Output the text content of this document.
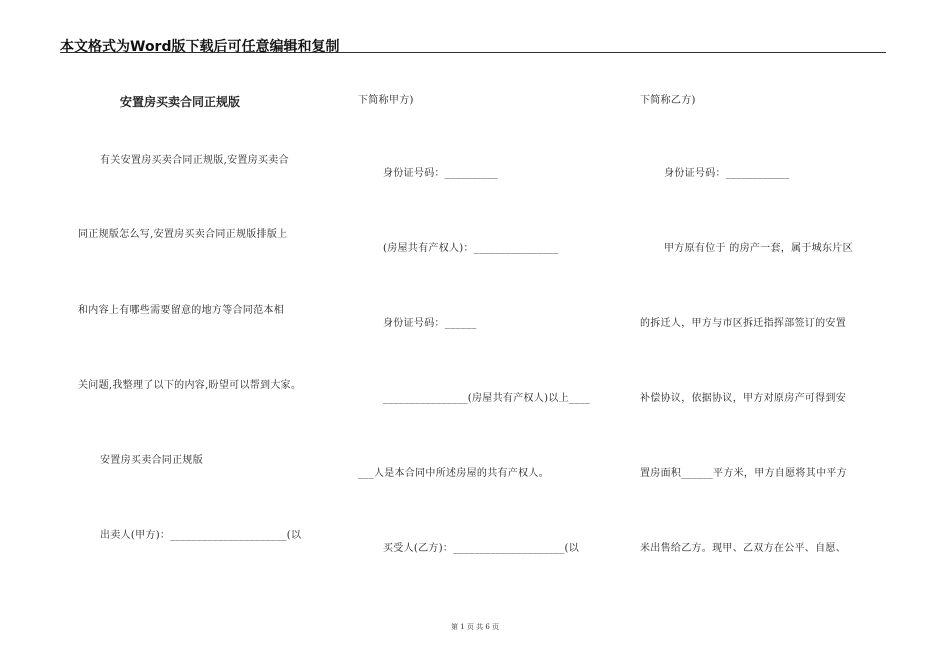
本文格式为Word版下载后可任意编辑和复制
安置房买卖合同正规版
有关安置房买卖合同正规版,安置房买卖合
同正规版怎么写,安置房买卖合同正规版排版上
和内容上有哪些需要留意的地方等合同范本相
关问题,我整理了以下的内容,盼望可以帮到大家。
安置房买卖合同正规版
出卖人(甲方)：______________________(以
下简称甲方)
身份证号码：__________
(房屋共有产权人)：________________
身份证号码：______
________________(房屋共有产权人)以上____
___人是本合同中所述房屋的共有产权人。
买受人(乙方)：_____________________(以
下简称乙方)
身份证号码：____________
甲方原有位于 的房产一套，属于城东片区
的拆迁人，甲方与市区拆迁指挥部签订的安置
补偿协议，依据协议，甲方对原房产可得到安
置房面积______平方米，甲方自愿将其中平方
米出售给乙方。现甲、乙双方在公平、自愿、
第 1 页 共 6 页
